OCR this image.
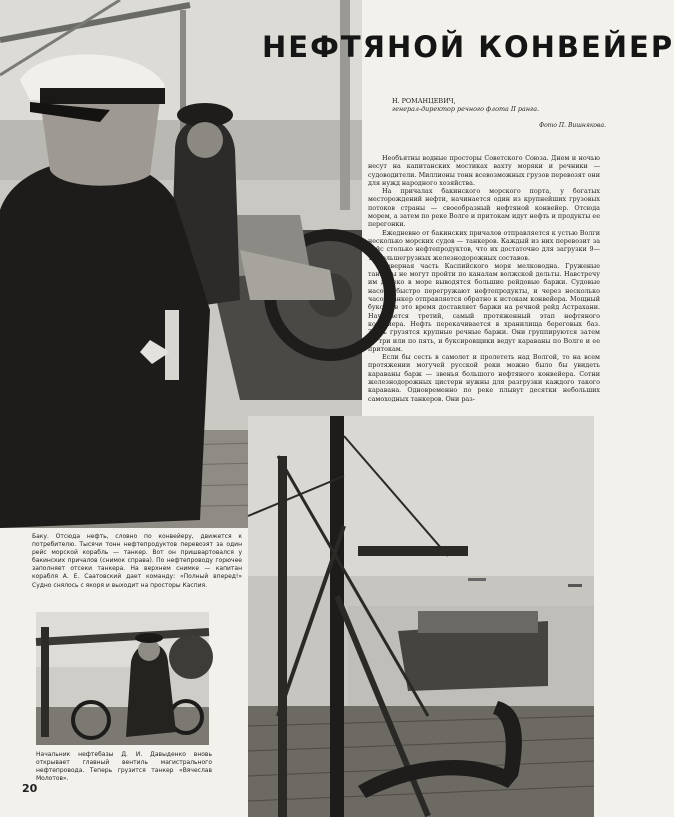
НЕФТЯНОЙ КОНВЕЙЕР
Н. РОМАНЦЕВИЧ,
генерал-директор речного флота II ранга.
Фото П. Вишнякова.

Необъятны водные просторы Советского Союза. Днем и ночью несут на капитанских мостиках вахту моряки и речники — судоводители. Миллионы тонн всевозможных грузов перевозят они для нужд народного хозяйства.

На причалах бакинского морского порта, у богатых месторождений нефти, начинается один из крупнейших грузовых потоков страны — своеобразный нефтяной конвейер. Отсюда морем, а затем по реке Волге и притокам идут нефть и продукты ее перегонки.

Ежедневно от бакинских причалов отправляется к устью Волги несколько морских судов — танкеров. Каждый из них перевозит за рейс столько нефтепродуктов, что их достаточно для загрузки 9—10 большегрузных железнодорожных составов.

Северная часть Каспийского моря мелководна. Груженые танкеры не могут пройти по каналам волжской дельты. Навстречу им далеко в море выводятся большие рейдовые баржи. Судовые насосы быстро перегружают нефтепродукты, и через несколько часов танкер отправляется обратно к истокам конвейера. Мощный буксир в это время доставляет баржи на речной рейд Астрахани. Начинается третий, самый протяженный этап нефтяного конвейера. Нефть перекачивается в хранилища береговых баз. Здесь грузятся крупные речные баржи. Они группируются затем по три или по пять, и буксировщики ведут караваны по Волге и ее притокам.

Если бы сесть в самолет и пролететь над Волгой, то на всем протяжении могучей русской реки можно было бы увидеть караваны барж — звенья большого нефтяного конвейера. Сотни железнодорожных цистерн нужны для разгрузки каждого такого каравана. Одновременно по реке плывут десятки небольших самоходных танкеров. Они раз-

Баку. Отсюда нефть, словно по конвейеру, движется к потребителю. Тысячи тонн нефтепродуктов перевозят за один рейс морской корабль — танкер. Вот он пришвартовался у бакинских причалов (снимок справа). По нефтепроводу горючее заполняет отсеки танкера. На верхнем снимке — капитан корабля А. Е. Саатовский дает команду: «Полный вперед!» Судно снялось с якоря и выходит на просторы Каспия.
Начальник нефтебазы Д. И. Давыденко вновь открывает главный вентиль магистрального нефтепровода. Теперь грузится танкер «Вячеслав Молотов».
20
